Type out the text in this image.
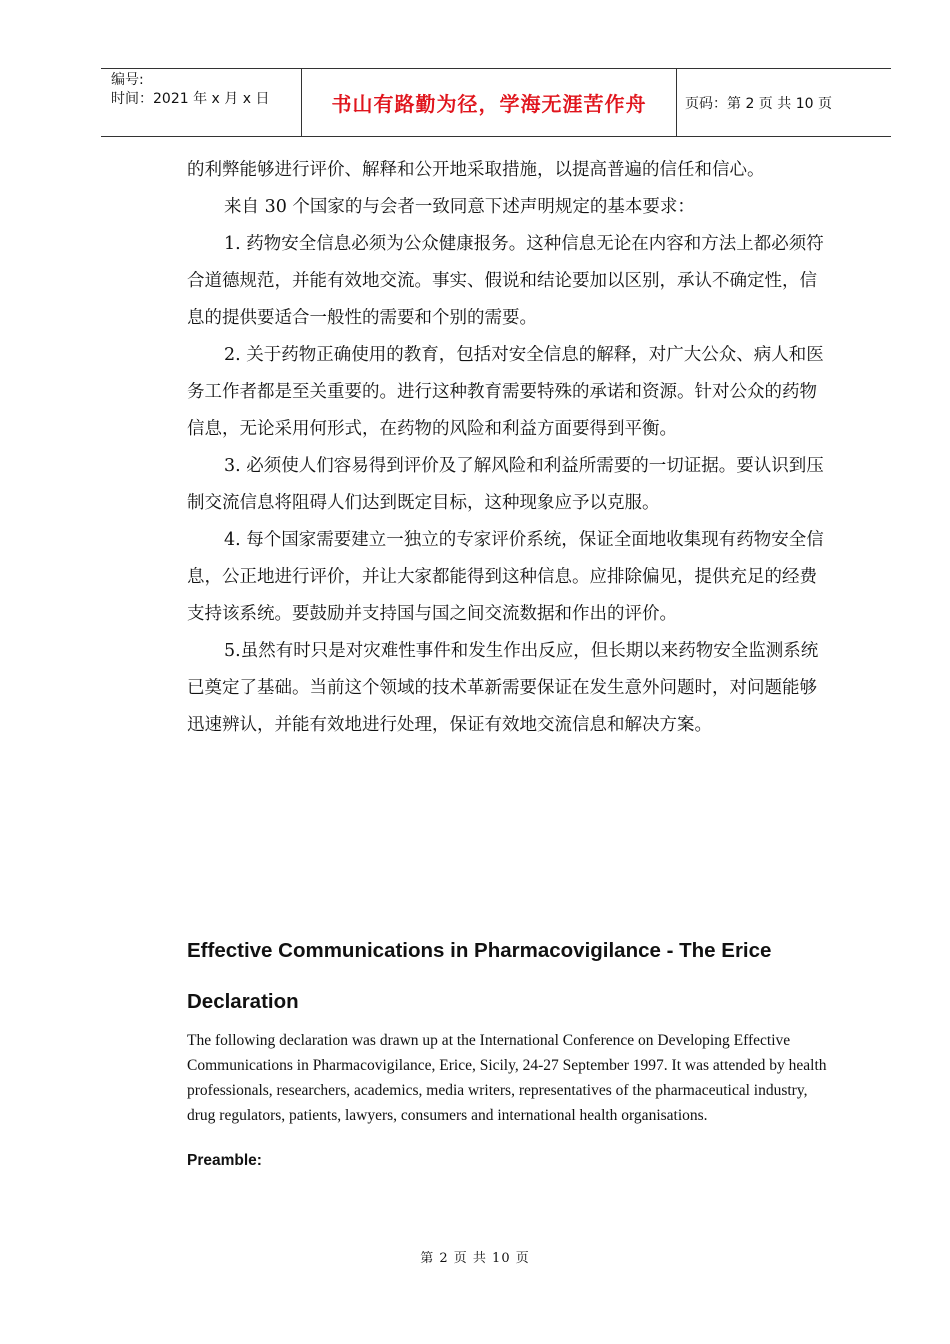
编号:
时间：2021 年 x 月 x 日	书山有路勤为径，学海无涯苦作舟	页码：第 2 页 共 10 页

的利弊能够进行评价、解释和公开地采取措施，以提高普遍的信任和信心。

来自 30 个国家的与会者一致同意下述声明规定的基本要求：

1. 药物安全信息必须为公众健康报务。这种信息无论在内容和方法上都必须符合道德规范，并能有效地交流。事实、假说和结论要加以区别，承认不确定性，信息的提供要适合一般性的需要和个别的需要。

2. 关于药物正确使用的教育，包括对安全信息的解释，对广大公众、病人和医务工作者都是至关重要的。进行这种教育需要特殊的承诺和资源。针对公众的药物信息，无论采用何形式，在药物的风险和利益方面要得到平衡。

3. 必须使人们容易得到评价及了解风险和利益所需要的一切证据。要认识到压制交流信息将阻碍人们达到既定目标，这种现象应予以克服。

4. 每个国家需要建立一独立的专家评价系统，保证全面地收集现有药物安全信息，公正地进行评价，并让大家都能得到这种信息。应排除偏见，提供充足的经费支持该系统。要鼓励并支持国与国之间交流数据和作出的评价。

5.虽然有时只是对灾难性事件和发生作出反应，但长期以来药物安全监测系统已奠定了基础。当前这个领域的技术革新需要保证在发生意外问题时，对问题能够迅速辨认，并能有效地进行处理，保证有效地交流信息和解决方案。

Effective Communications in Pharmacovigilance - The Erice Declaration
The following declaration was drawn up at the International Conference on Developing Effective Communications in Pharmacovigilance, Erice, Sicily, 24-27 September 1997. It was attended by health professionals, researchers, academics, media writers, representatives of the pharmaceutical industry, drug regulators, patients, lawyers, consumers and international health organisations.
Preamble:
第 2 页 共 10 页
